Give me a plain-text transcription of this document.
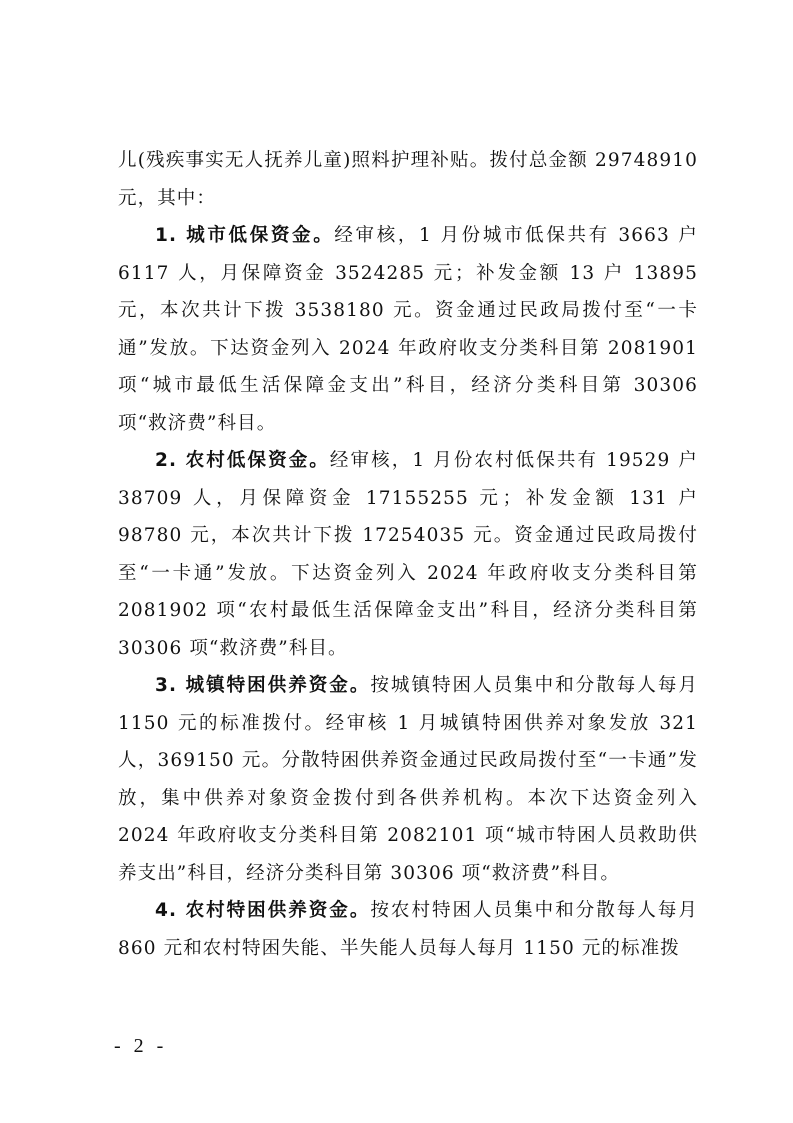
儿(残疾事实无人抚养儿童)照料护理补贴。拨付总金额 29748910 元，其中：

1. 城市低保资金。经审核，1 月份城市低保共有 3663 户 6117 人，月保障资金 3524285 元；补发金额 13 户 13895 元，本次共计下拨 3538180 元。资金通过民政局拨付至“一卡通”发放。下达资金列入 2024 年政府收支分类科目第 2081901 项“城市最低生活保障金支出”科目，经济分类科目第 30306 项“救济费”科目。

2. 农村低保资金。经审核，1 月份农村低保共有 19529 户 38709 人，月保障资金 17155255 元；补发金额 131 户 98780 元，本次共计下拨 17254035 元。资金通过民政局拨付至“一卡通”发放。下达资金列入 2024 年政府收支分类科目第 2081902 项“农村最低生活保障金支出”科目，经济分类科目第 30306 项“救济费”科目。

3. 城镇特困供养资金。按城镇特困人员集中和分散每人每月 1150 元的标准拨付。经审核 1 月城镇特困供养对象发放 321 人，369150 元。分散特困供养资金通过民政局拨付至“一卡通”发放，集中供养对象资金拨付到各供养机构。本次下达资金列入 2024 年政府收支分类科目第 2082101 项“城市特困人员救助供养支出”科目，经济分类科目第 30306 项“救济费”科目。

4. 农村特困供养资金。按农村特困人员集中和分散每人每月 860 元和农村特困失能、半失能人员每人每月 1150 元的标准拨

- 2 -
